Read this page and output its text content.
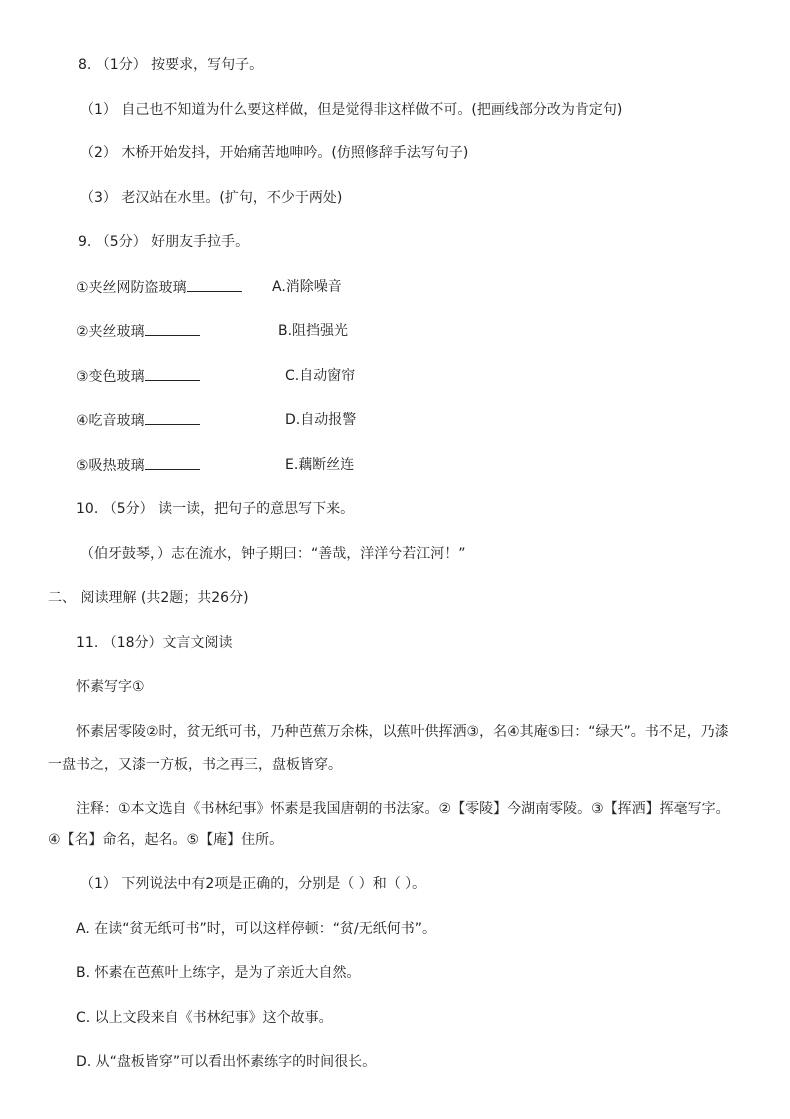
8. （1分） 按要求，写句子。
（1） 自己也不知道为什么要这样做，但是觉得非这样做不可。(把画线部分改为肯定句)
（2） 木桥开始发抖，开始痛苦地呻吟。(仿照修辞手法写句子)
（3） 老汉站在水里。(扩句，不少于两处)
9. （5分） 好朋友手拉手。
①夹丝网防盗玻璃	A.消除噪音
②夹丝玻璃	B.阻挡强光
③变色玻璃	C.自动窗帘
④吃音玻璃	D.自动报警
⑤吸热玻璃	E.藕断丝连
10. （5分） 读一读，把句子的意思写下来。
（伯牙鼓琴，）志在流水，钟子期曰：“善哉，洋洋兮若江河！”
二、 阅读理解 (共2题；共26分)
11. （18分）文言文阅读
怀素写字①
怀素居零陵②时，贫无纸可书，乃种芭蕉万余株，以蕉叶供挥洒③，名④其庵⑤曰：“绿天”。书不足，乃漆
一盘书之，又漆一方板，书之再三，盘板皆穿。
注释：①本文选自《书林纪事》怀素是我国唐朝的书法家。②【零陵】今湖南零陵。③【挥洒】挥毫写字。
④【名】命名，起名。⑤【庵】住所。
（1） 下列说法中有2项是正确的，分别是（ ）和（ ）。
A. 在读“贫无纸可书”时，可以这样停顿：“贫/无纸何书”。
B. 怀素在芭蕉叶上练字，是为了亲近大自然。
C. 以上文段来自《书林纪事》这个故事。
D. 从“盘板皆穿”可以看出怀素练字的时间很长。
